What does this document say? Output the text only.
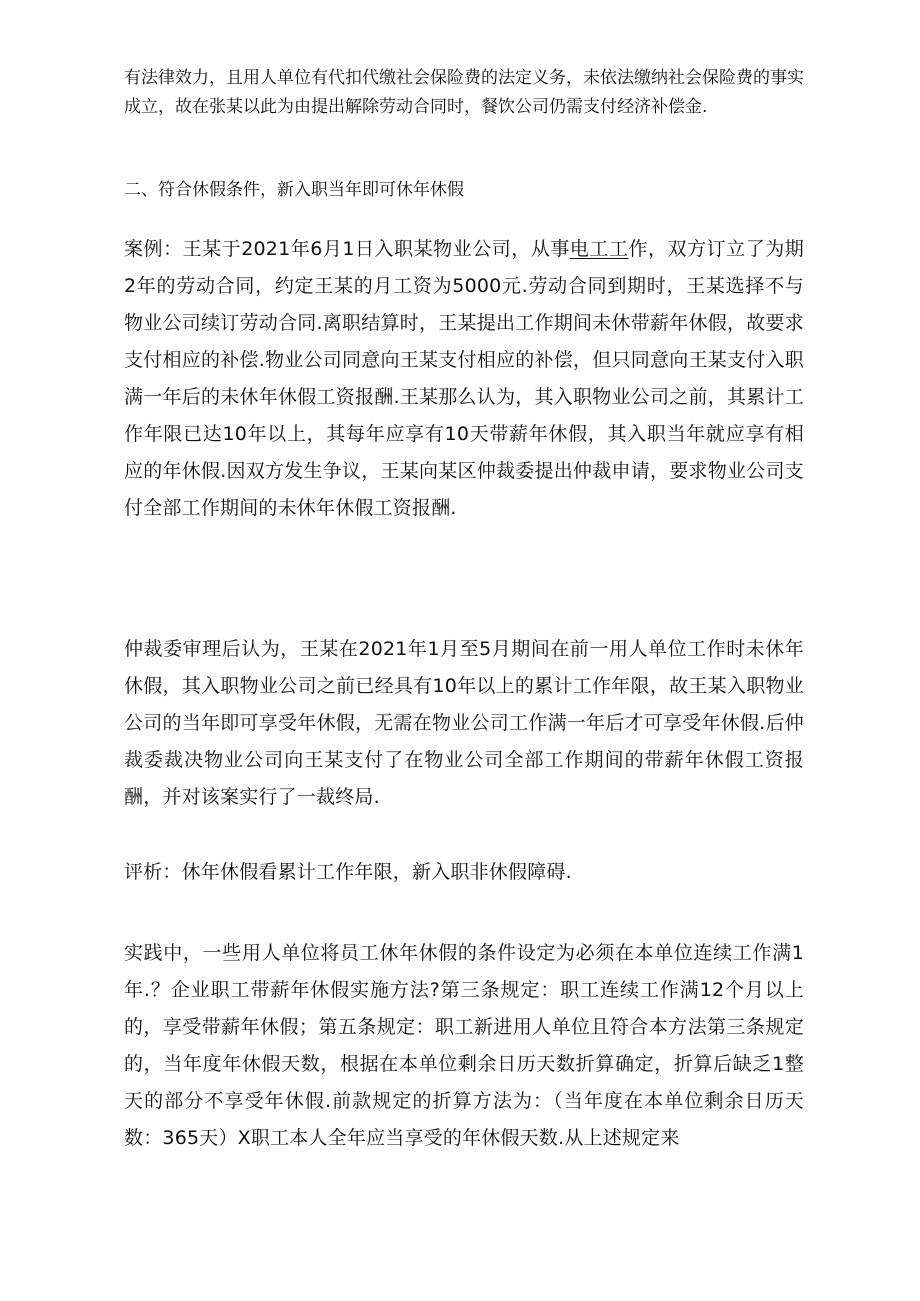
有法律效力，且用人单位有代扣代缴社会保险费的法定义务，未依法缴纳社会保险费的事实成立，故在张某以此为由提出解除劳动合同时，餐饮公司仍需支付经济补偿金.

二、符合休假条件，新入职当年即可休年休假

案例：王某于2021年6月1日入职某物业公司，从事电工工作，双方订立了为期2年的劳动合同，约定王某的月工资为5000元.劳动合同到期时，王某选择不与物业公司续订劳动合同.离职结算时，王某提出工作期间未休带薪年休假，故要求支付相应的补偿.物业公司同意向王某支付相应的补偿，但只同意向王某支付入职满一年后的未休年休假工资报酬.王某那么认为，其入职物业公司之前，其累计工作年限已达10年以上，其每年应享有10天带薪年休假，其入职当年就应享有相应的年休假.因双方发生争议，王某向某区仲裁委提出仲裁申请，要求物业公司支付全部工作期间的未休年休假工资报酬.

仲裁委审理后认为，王某在2021年1月至5月期间在前一用人单位工作时未休年休假，其入职物业公司之前已经具有10年以上的累计工作年限，故王某入职物业公司的当年即可享受年休假，无需在物业公司工作满一年后才可享受年休假.后仲裁委裁决物业公司向王某支付了在物业公司全部工作期间的带薪年休假工资报酬，并对该案实行了一裁终局.

评析：休年休假看累计工作年限，新入职非休假障碍.

实践中，一些用人单位将员工休年休假的条件设定为必须在本单位连续工作满1年.？企业职工带薪年休假实施方法?第三条规定：职工连续工作满12个月以上的，享受带薪年休假；第五条规定：职工新进用人单位且符合本方法第三条规定的，当年度年休假天数，根据在本单位剩余日历天数折算确定，折算后缺乏1整天的部分不享受年休假.前款规定的折算方法为：（当年度在本单位剩余日历天数：365天）X职工本人全年应当享受的年休假天数.从上述规定来
